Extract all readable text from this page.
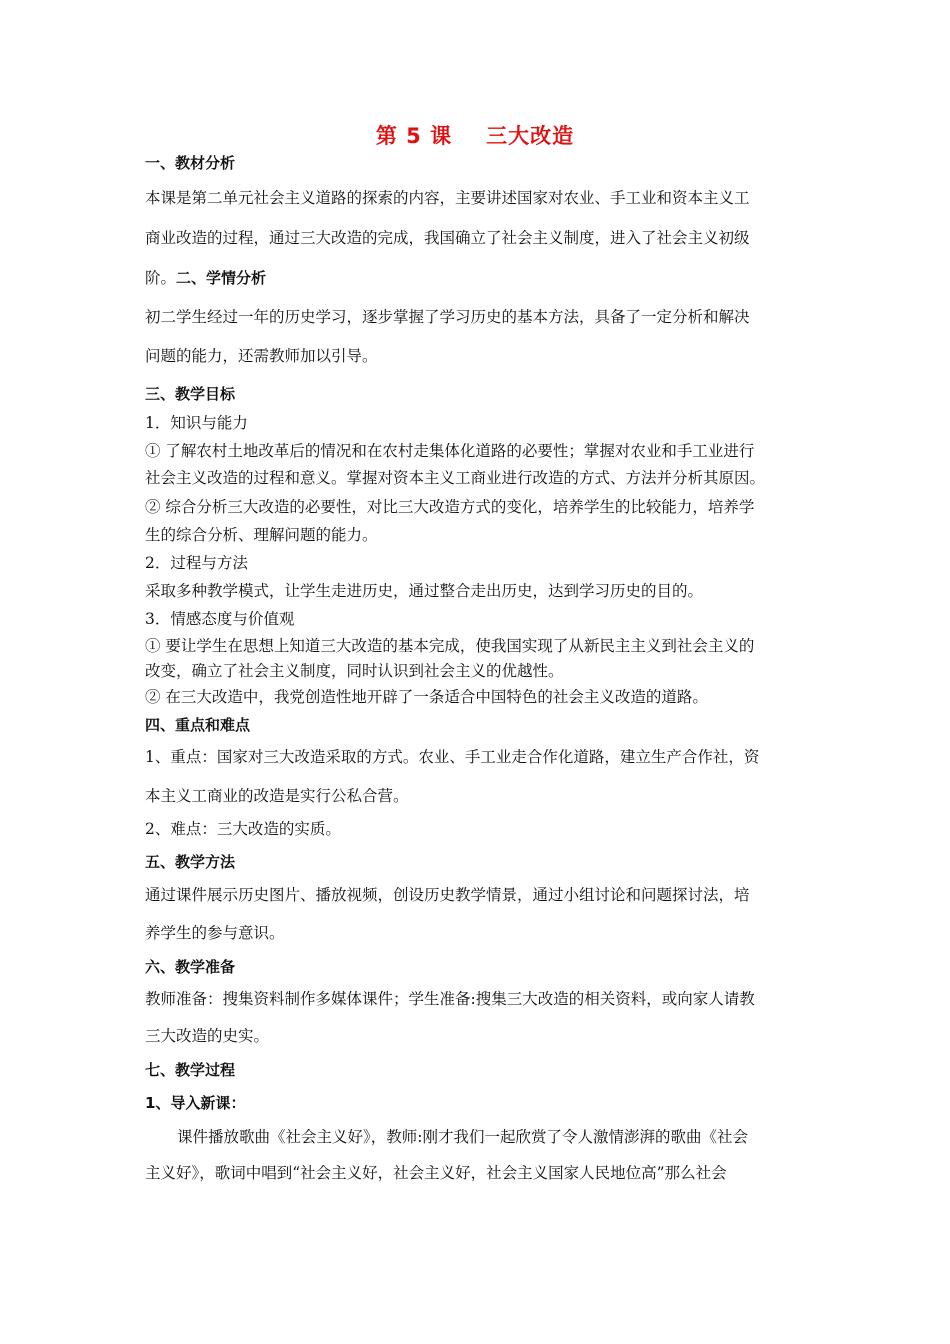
第 5 课 三大改造
一、教材分析
本课是第二单元社会主义道路的探索的内容，主要讲述国家对农业、手工业和资本主义工
商业改造的过程，通过三大改造的完成，我国确立了社会主义制度，进入了社会主义初级
阶。二、学情分析
初二学生经过一年的历史学习，逐步掌握了学习历史的基本方法，具备了一定分析和解决
问题的能力，还需教师加以引导。
三、教学目标
1．知识与能力
① 了解农村土地改革后的情况和在农村走集体化道路的必要性；掌握对农业和手工业进行
社会主义改造的过程和意义。掌握对资本主义工商业进行改造的方式、方法并分析其原因。
② 综合分析三大改造的必要性，对比三大改造方式的变化，培养学生的比较能力，培养学
生的综合分析、理解问题的能力。
2．过程与方法
采取多种教学模式，让学生走进历史，通过整合走出历史，达到学习历史的目的。
3．情感态度与价值观
① 要让学生在思想上知道三大改造的基本完成，使我国实现了从新民主主义到社会主义的
改变，确立了社会主义制度，同时认识到社会主义的优越性。
② 在三大改造中，我党创造性地开辟了一条适合中国特色的社会主义改造的道路。
四、重点和难点
1、重点：国家对三大改造采取的方式。农业、手工业走合作化道路，建立生产合作社，资
本主义工商业的改造是实行公私合营。
2、难点：三大改造的实质。
五、教学方法
通过课件展示历史图片、播放视频，创设历史教学情景，通过小组讨论和问题探讨法，培
养学生的参与意识。
六、教学准备
教师准备：搜集资料制作多媒体课件；学生准备:搜集三大改造的相关资料，或向家人请教
三大改造的史实。
七、教学过程
1、导入新课：
课件播放歌曲《社会主义好》，教师:刚才我们一起欣赏了令人激情澎湃的歌曲《社会
主义好》，歌词中唱到“社会主义好，社会主义好，社会主义国家人民地位高”那么社会
